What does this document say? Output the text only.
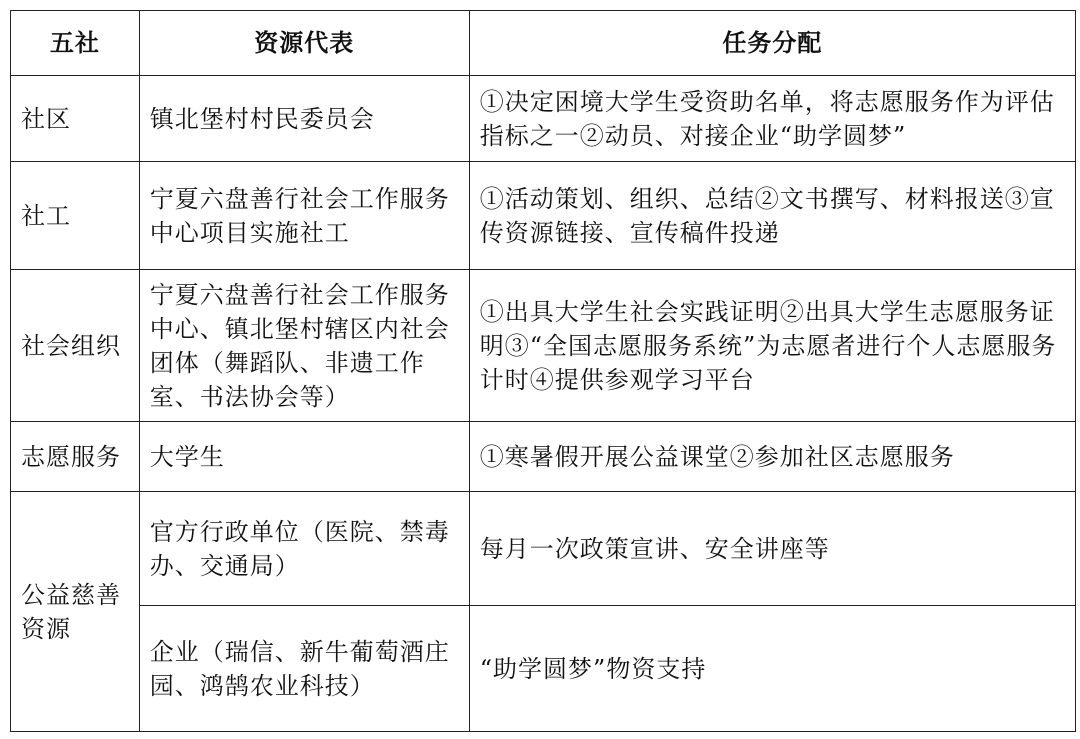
五社	资源代表	任务分配
社区	镇北堡村村民委员会	①决定困境大学生受资助名单，将志愿服务作为评估指标之一②动员、对接企业“助学圆梦”
社工	宁夏六盘善行社会工作服务中心项目实施社工	①活动策划、组织、总结②文书撰写、材料报送③宣传资源链接、宣传稿件投递
社会组织	宁夏六盘善行社会工作服务中心、镇北堡村辖区内社会团体（舞蹈队、非遗工作室、书法协会等）	①出具大学生社会实践证明②出具大学生志愿服务证明③“全国志愿服务系统”为志愿者进行个人志愿服务计时④提供参观学习平台
志愿服务	大学生	①寒暑假开展公益课堂②参加社区志愿服务
公益慈善资源	官方行政单位（医院、禁毒办、交通局）	每月一次政策宣讲、安全讲座等
	企业（瑞信、新牛葡萄酒庄园、鸿鹄农业科技）	“助学圆梦”物资支持
